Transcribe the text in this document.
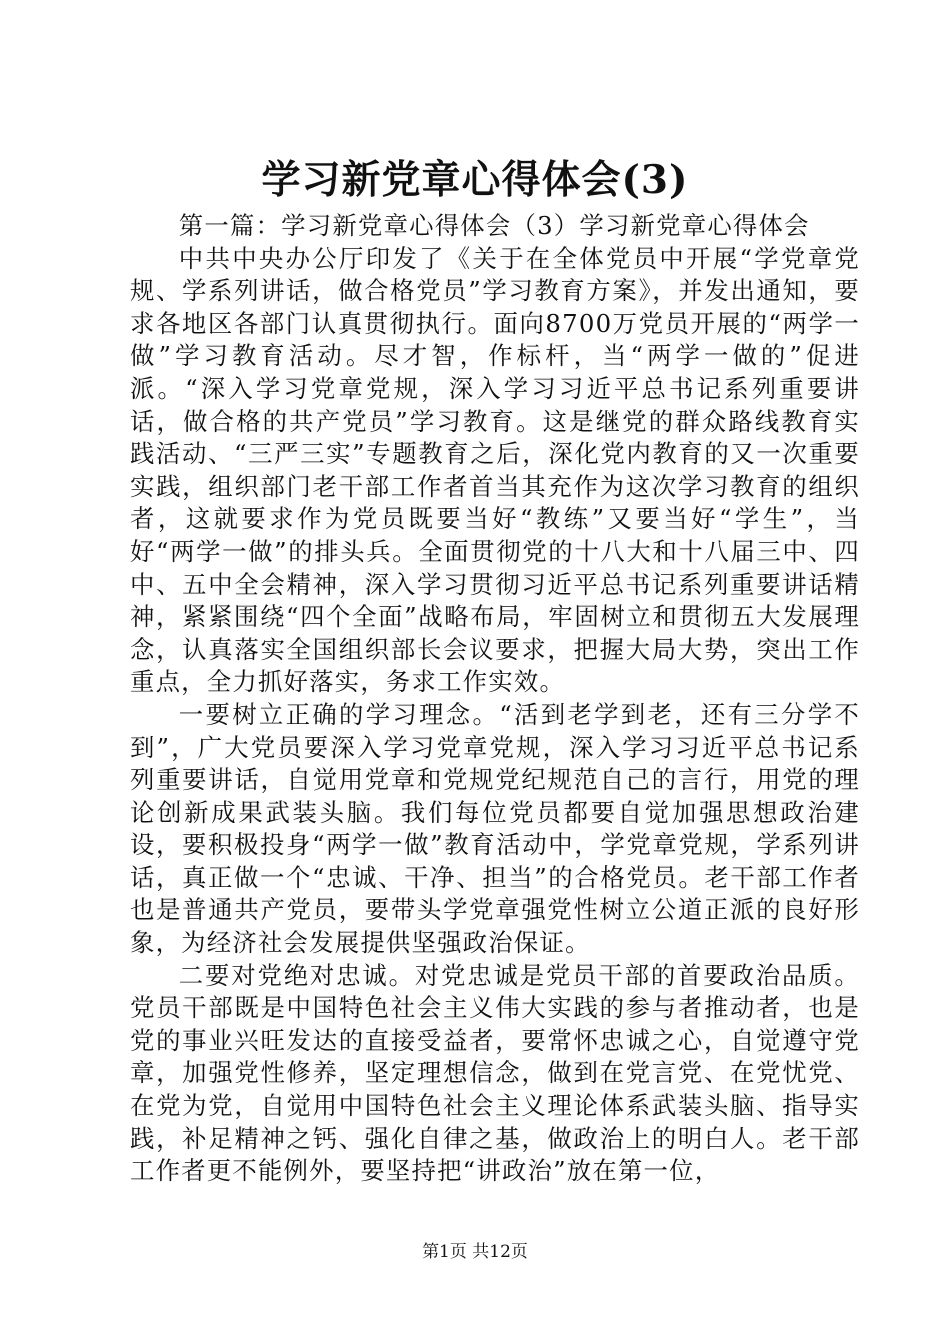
学习新党章心得体会(3)

第一篇：学习新党章心得体会（3）学习新党章心得体会

中共中央办公厅印发了《关于在全体党员中开展“学党章党规、学系列讲话，做合格党员”学习教育方案》，并发出通知，要求各地区各部门认真贯彻执行。面向8700万党员开展的“两学一做”学习教育活动。尽才智，作标杆，当“两学一做的”促进派。“深入学习党章党规，深入学习习近平总书记系列重要讲话，做合格的共产党员”学习教育。这是继党的群众路线教育实践活动、“三严三实”专题教育之后，深化党内教育的又一次重要实践，组织部门老干部工作者首当其充作为这次学习教育的组织者，这就要求作为党员既要当好“教练”又要当好“学生”，当好“两学一做”的排头兵。全面贯彻党的十八大和十八届三中、四中、五中全会精神，深入学习贯彻习近平总书记系列重要讲话精神，紧紧围绕“四个全面”战略布局，牢固树立和贯彻五大发展理念，认真落实全国组织部长会议要求，把握大局大势，突出工作重点，全力抓好落实，务求工作实效。

一要树立正确的学习理念。“活到老学到老，还有三分学不到”，广大党员要深入学习党章党规，深入学习习近平总书记系列重要讲话，自觉用党章和党规党纪规范自己的言行，用党的理论创新成果武装头脑。我们每位党员都要自觉加强思想政治建设，要积极投身“两学一做”教育活动中，学党章党规，学系列讲话，真正做一个“忠诚、干净、担当”的合格党员。老干部工作者也是普通共产党员，要带头学党章强党性树立公道正派的良好形象，为经济社会发展提供坚强政治保证。

二要对党绝对忠诚。对党忠诚是党员干部的首要政治品质。党员干部既是中国特色社会主义伟大实践的参与者推动者，也是党的事业兴旺发达的直接受益者，要常怀忠诚之心，自觉遵守党章，加强党性修养，坚定理想信念，做到在党言党、在党忧党、在党为党，自觉用中国特色社会主义理论体系武装头脑、指导实践，补足精神之钙、强化自律之基，做政治上的明白人。老干部工作者更不能例外，要坚持把“讲政治”放在第一位，

第1页 共12页
